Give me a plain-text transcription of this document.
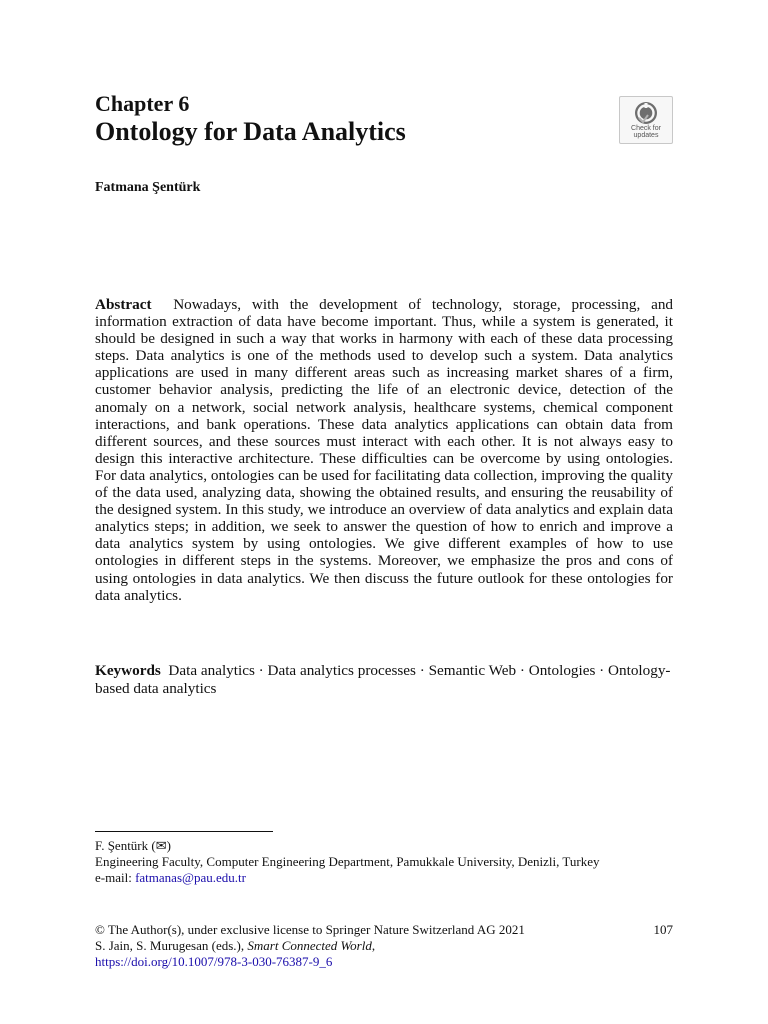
Chapter 6
Ontology for Data Analytics	Check for
updates

Fatmana Şentürk

Abstract Nowadays, with the development of technology, storage, processing, and information extraction of data have become important. Thus, while a system is generated, it should be designed in such a way that works in harmony with each of these data processing steps. Data analytics is one of the methods used to develop such a system. Data analytics applications are used in many different areas such as increasing market shares of a firm, customer behavior analysis, predicting the life of an electronic device, detection of the anomaly on a network, social network analysis, healthcare systems, chemical component interactions, and bank operations. These data analytics applications can obtain data from different sources, and these sources must interact with each other. It is not always easy to design this interactive architecture. These difficulties can be overcome by using ontologies. For data analytics, ontologies can be used for facilitating data collection, improving the quality of the data used, analyzing data, showing the obtained results, and ensuring the reusability of the designed system. In this study, we introduce an overview of data analytics and explain data analytics steps; in addition, we seek to answer the question of how to enrich and improve a data analytics system by using ontologies. We give different examples of how to use ontologies in different steps in the systems. Moreover, we emphasize the pros and cons of using ontologies in data analytics. We then discuss the future outlook for these ontologies for data analytics.

Keywords Data analytics · Data analytics processes · Semantic Web · Ontologies · Ontology-based data analytics

F. Şentürk (✉)
Engineering Faculty, Computer Engineering Department, Pamukkale University, Denizli, Turkey
e-mail: fatmanas@pau.edu.tr
© The Author(s), under exclusive license to Springer Nature Switzerland AG 2021	107
S. Jain, S. Murugesan (eds.), Smart Connected World,
https://doi.org/10.1007/978-3-030-76387-9_6
